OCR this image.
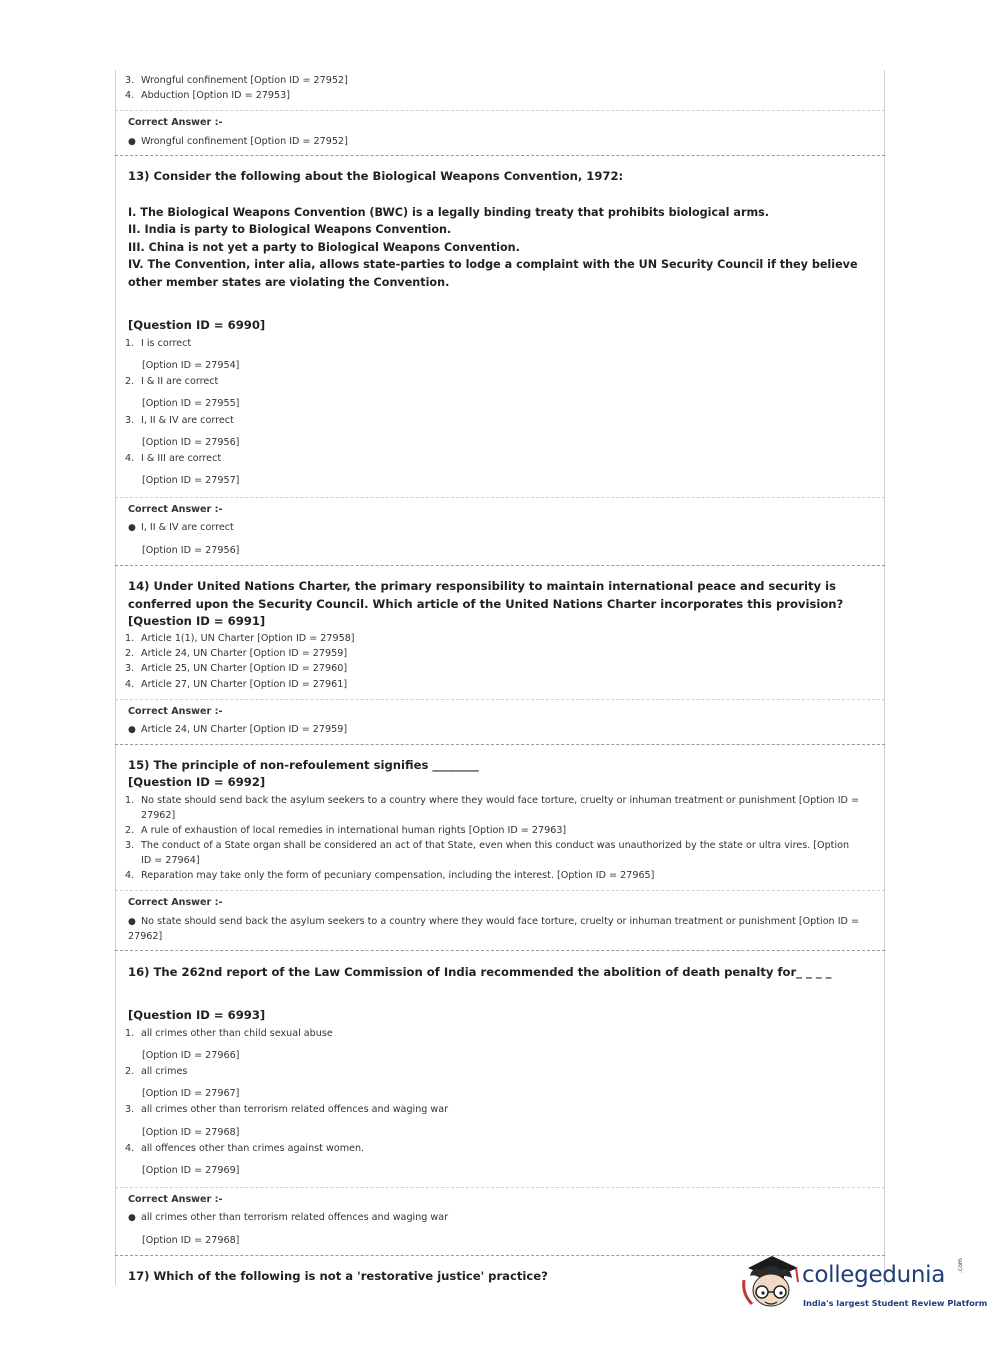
3. Wrongful confinement [Option ID = 27952]
4. Abduction [Option ID = 27953]
Correct Answer :-
● Wrongful confinement [Option ID = 27952]
13) Consider the following about the Biological Weapons Convention, 1972:
I. The Biological Weapons Convention (BWC) is a legally binding treaty that prohibits biological arms.
II. India is party to Biological Weapons Convention.
III. China is not yet a party to Biological Weapons Convention.
IV. The Convention, inter alia, allows state-parties to lodge a complaint with the UN Security Council if they believe other member states are violating the Convention.
[Question ID = 6990]
1. I is correct
[Option ID = 27954]
2. I & II are correct
[Option ID = 27955]
3. I, II & IV are correct
[Option ID = 27956]
4. I & III are correct
[Option ID = 27957]
Correct Answer :-
● I, II & IV are correct
[Option ID = 27956]
14) Under United Nations Charter, the primary responsibility to maintain international peace and security is conferred upon the Security Council. Which article of the United Nations Charter incorporates this provision?
[Question ID = 6991]
1. Article 1(1), UN Charter [Option ID = 27958]
2. Article 24, UN Charter [Option ID = 27959]
3. Article 25, UN Charter [Option ID = 27960]
4. Article 27, UN Charter [Option ID = 27961]
Correct Answer :-
● Article 24, UN Charter [Option ID = 27959]
15) The principle of non-refoulement signifies ________
[Question ID = 6992]
1. No state should send back the asylum seekers to a country where they would face torture, cruelty or inhuman treatment or punishment [Option ID =
27962]
2. A rule of exhaustion of local remedies in international human rights [Option ID = 27963]
3. The conduct of a State organ shall be considered an act of that State, even when this conduct was unauthorized by the state or ultra vires. [Option
ID = 27964]
4. Reparation may take only the form of pecuniary compensation, including the interest. [Option ID = 27965]
Correct Answer :-
● No state should send back the asylum seekers to a country where they would face torture, cruelty or inhuman treatment or punishment [Option ID =
27962]
16) The 262nd report of the Law Commission of India recommended the abolition of death penalty for_ _ _ _
[Question ID = 6993]
1. all crimes other than child sexual abuse
[Option ID = 27966]
2. all crimes
[Option ID = 27967]
3. all crimes other than terrorism related offences and waging war
[Option ID = 27968]
4. all offences other than crimes against women.
[Option ID = 27969]
Correct Answer :-
● all crimes other than terrorism related offences and waging war
[Option ID = 27968]
17) Which of the following is not a 'restorative justice' practice?	collegedunia .com
India's largest Student Review Platform
